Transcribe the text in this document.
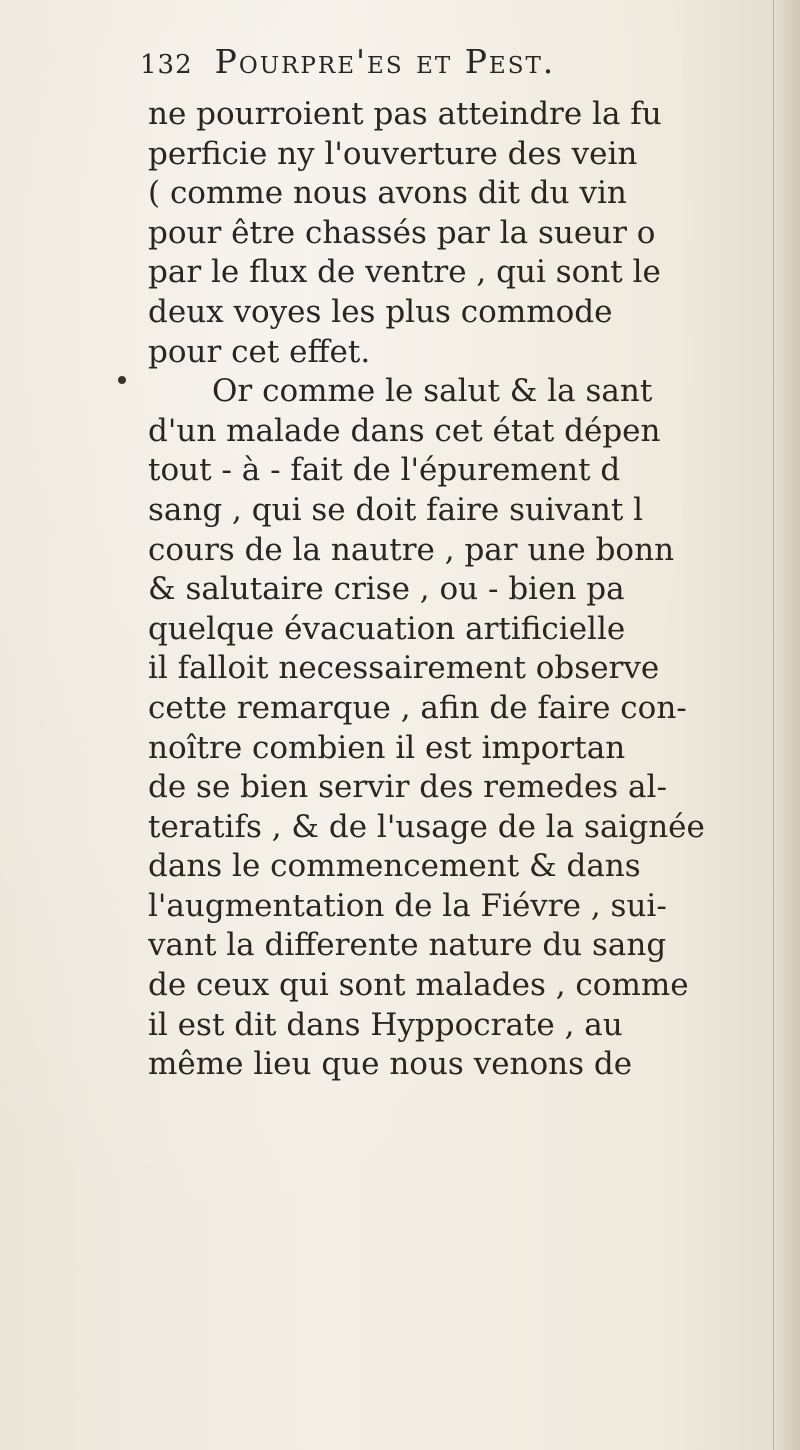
132 Pourpre'es et Pest.
ne pourroient pas atteindre la fu
perficie ny l'ouverture des vein
( comme nous avons dit du vin
pour être chassés par la sueur o
par le flux de ventre , qui sont le
deux voyes les plus commode
pour cet effet.
Or comme le salut & la sant
d'un malade dans cet état dépen
tout - à - fait de l'épurement d
sang , qui se doit faire suivant l
cours de la nautre , par une bonn
& salutaire crise , ou - bien pa
quelque évacuation artificielle
il falloit necessairement observe
cette remarque , afin de faire con-
noître combien il est importan
de se bien servir des remedes al-
teratifs , & de l'usage de la saignée
dans le commencement & dans
l'augmentation de la Fiévre , sui-
vant la differente nature du sang
de ceux qui sont malades , comme
il est dit dans Hyppocrate , au
même lieu que nous venons de
